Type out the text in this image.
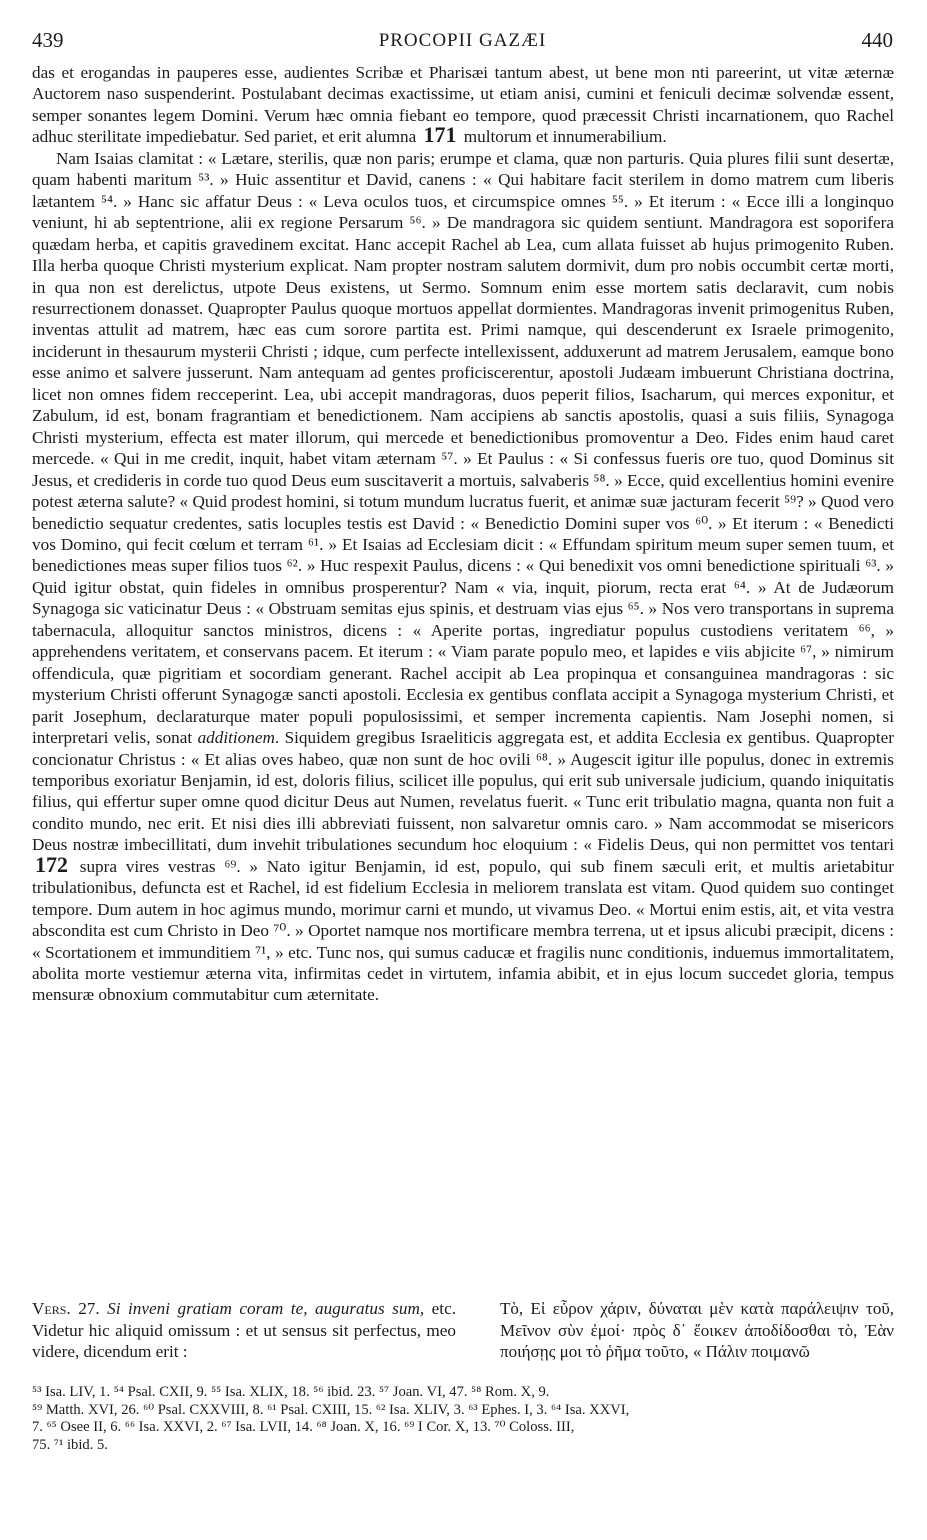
439	PROCOPII GAZÆI	440

das et erogandas in pauperes esse, audientes Scribæ et Pharisæi tantum abest, ut bene mon nti pareerint, ut vitæ æternæ Auctorem naso suspenderint. Postulabant decimas exactissime, ut etiam anisi, cumini et feniculi decimæ solvendæ essent, semper sonantes legem Domini. Verum hæc omnia fiebant eo tempore, quod præcessit Christi incarnationem, quo Rachel adhuc sterilitate impediebatur. Sed pariet, et erit alumna 171 multorum et innumerabilium.

Nam Isaias clamitat : « Lætare, sterilis, quæ non paris; erumpe et clama, quæ non parturis. Quia plures filii sunt desertæ, quam habenti maritum ⁵³. » Huic assentitur et David, canens : « Qui habitare facit sterilem in domo matrem cum liberis lætantem ⁵⁴. » Hanc sic affatur Deus : « Leva oculos tuos, et circumspice omnes ⁵⁵. » Et iterum : « Ecce illi a longinquo veniunt, hi ab septentrione, alii ex regione Persarum ⁵⁶. » De mandragora sic quidem sentiunt. Mandragora est soporifera quædam herba, et capitis gravedinem excitat. Hanc accepit Rachel ab Lea, cum allata fuisset ab hujus primogenito Ruben. Illa herba quoque Christi mysterium explicat. Nam propter nostram salutem dormivit, dum pro nobis occumbit certæ morti, in qua non est derelictus, utpote Deus existens, ut Sermo. Somnum enim esse mortem satis declaravit, cum nobis resurrectionem donasset. Quapropter Paulus quoque mortuos appellat dormientes. Mandragoras invenit primogenitus Ruben, inventas attulit ad matrem, hæc eas cum sorore partita est. Primi namque, qui descenderunt ex Israele primogenito, inciderunt in thesaurum mysterii Christi ; idque, cum perfecte intellexissent, adduxerunt ad matrem Jerusalem, eamque bono esse animo et salvere jusserunt. Nam antequam ad gentes proficiscerentur, apostoli Judæam imbuerunt Christiana doctrina, licet non omnes fidem recceperint. Lea, ubi accepit mandragoras, duos peperit filios, Isacharum, qui merces exponitur, et Zabulum, id est, bonam fragrantiam et benedictionem. Nam accipiens ab sanctis apostolis, quasi a suis filiis, Synagoga Christi mysterium, effecta est mater illorum, qui mercede et benedictionibus promoventur a Deo. Fides enim haud caret mercede. « Qui in me credit, inquit, habet vitam æternam ⁵⁷. » Et Paulus : « Si confessus fueris ore tuo, quod Dominus sit Jesus, et credideris in corde tuo quod Deus eum suscitaverit a mortuis, salvaberis ⁵⁸. » Ecce, quid excellentius homini evenire potest æterna salute? « Quid prodest homini, si totum mundum lucratus fuerit, et animæ suæ jacturam fecerit ⁵⁹? » Quod vero benedictio sequatur credentes, satis locuples testis est David : « Benedictio Domini super vos ⁶⁰. » Et iterum : « Benedicti vos Domino, qui fecit cœlum et terram ⁶¹. » Et Isaias ad Ecclesiam dicit : « Effundam spiritum meum super semen tuum, et benedictiones meas super filios tuos ⁶². » Huc respexit Paulus, dicens : « Qui benedixit vos omni benedictione spirituali ⁶³. » Quid igitur obstat, quin fideles in omnibus prosperentur? Nam « via, inquit, piorum, recta erat ⁶⁴. » At de Judæorum Synagoga sic vaticinatur Deus : « Obstruam semitas ejus spinis, et destruam vias ejus ⁶⁵. » Nos vero transportans in suprema tabernacula, alloquitur sanctos ministros, dicens : « Aperite portas, ingrediatur populus custodiens veritatem ⁶⁶, » apprehendens veritatem, et conservans pacem. Et iterum : « Viam parate populo meo, et lapides e viis abjicite ⁶⁷, » nimirum offendicula, quæ pigritiam et socordiam generant. Rachel accipit ab Lea propinqua et consanguinea mandragoras : sic mysterium Christi offerunt Synagogæ sancti apostoli. Ecclesia ex gentibus conflata accipit a Synagoga mysterium Christi, et parit Josephum, declaraturque mater populi populosissimi, et semper incrementa capientis. Nam Josephi nomen, si interpretari velis, sonat additionem. Siquidem gregibus Israeliticis aggregata est, et addita Ecclesia ex gentibus. Quapropter concionatur Christus : « Et alias oves habeo, quæ non sunt de hoc ovili ⁶⁸. » Augescit igitur ille populus, donec in extremis temporibus exoriatur Benjamin, id est, doloris filius, scilicet ille populus, qui erit sub universale judicium, quando iniquitatis filius, qui effertur super omne quod dicitur Deus aut Numen, revelatus fuerit. « Tunc erit tribulatio magna, quanta non fuit a condito mundo, nec erit. Et nisi dies illi abbreviati fuissent, non salvaretur omnis caro. » Nam accommodat se misericors Deus nostræ imbecillitati, dum invehit tribulationes secundum hoc eloquium : « Fidelis Deus, qui non permittet vos tentari 172 supra vires vestras ⁶⁹. » Nato igitur Benjamin, id est, populo, qui sub finem sæculi erit, et multis arietabitur tribulationibus, defuncta est et Rachel, id est fidelium Ecclesia in meliorem translata est vitam. Quod quidem suo continget tempore. Dum autem in hoc agimus mundo, morimur carni et mundo, ut vivamus Deo. « Mortui enim estis, ait, et vita vestra abscondita est cum Christo in Deo ⁷⁰. » Oportet namque nos mortificare membra terrena, ut et ipsus alicubi præcipit, dicens : « Scortationem et immunditiem ⁷¹, » etc. Tunc nos, qui sumus caducæ et fragilis nunc conditionis, induemus immortalitatem, abolita morte vestiemur æterna vita, infirmitas cedet in virtutem, infamia abibit, et in ejus locum succedet gloria, tempus mensuræ obnoxium commutabitur cum æternitate.

Vers. 27. Si inveni gratiam coram te, auguratus sum, etc. Videtur hic aliquid omissum : et ut sensus sit perfectus, meo videre, dicendum erit :
Τὸ, Εἰ εὗρον χάριν, δύναται μὲν κατὰ παράλειψιν τοῦ, Μεῖνον σὺν ἐμοί· πρὸς δ᾽ ἔοικεν ἀποδίδοσθαι τὸ, Ἐὰν ποιήσῃς μοι τὸ ῥῆμα τοῦτο, « Πάλιν ποιμανῶ

⁵³ Isa. LIV, 1. ⁵⁴ Psal. CXII, 9. ⁵⁵ Isa. XLIX, 18. ⁵⁶ ibid. 23. ⁵⁷ Joan. VI, 47. ⁵⁸ Rom. X, 9.

⁵⁹ Matth. XVI, 26. ⁶⁰ Psal. CXXVIII, 8. ⁶¹ Psal. CXIII, 15. ⁶² Isa. XLIV, 3. ⁶³ Ephes. I, 3. ⁶⁴ Isa. XXVI,

7. ⁶⁵ Osee II, 6. ⁶⁶ Isa. XXVI, 2. ⁶⁷ Isa. LVII, 14. ⁶⁸ Joan. X, 16. ⁶⁹ I Cor. X, 13. ⁷⁰ Coloss. III,

75. ⁷¹ ibid. 5.
